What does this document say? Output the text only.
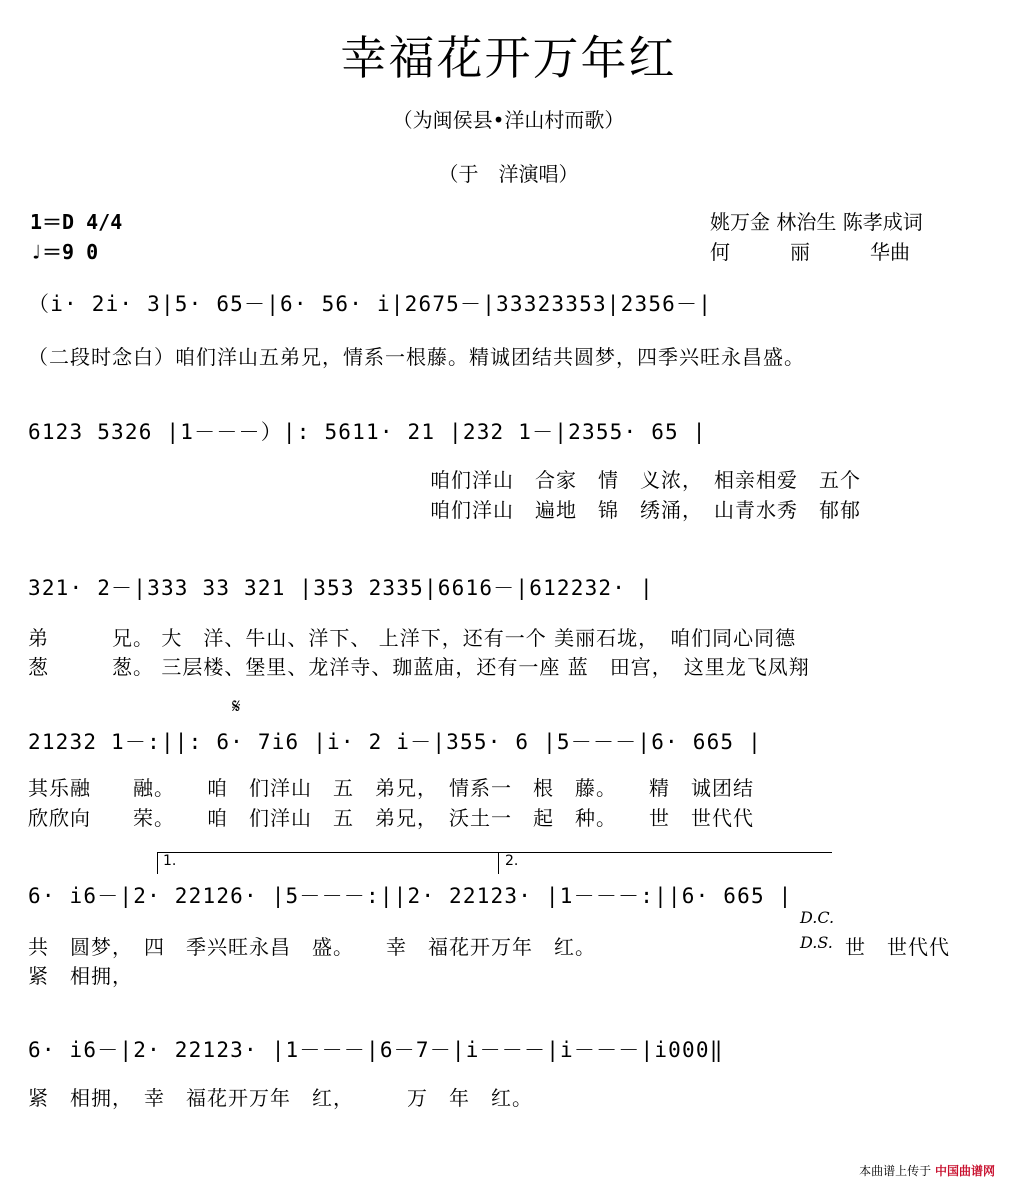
幸福花开万年红
（为闽侯县•洋山村而歌）
（于　洋演唱）
1＝D 4/4
♩＝9 0
姚万金 林治生 陈孝成词
何　　　丽　　　华曲
（i· 2i· 3|5· 65－|6· 56· i|2675－|33323353|2356－|
（二段时念白）咱们洋山五弟兄，情系一根藤。精诚团结共圆梦，四季兴旺永昌盛。
6123 5326 |1－－－）|: 5611· 21 |232 1－|2355· 65 |
咱们洋山　合家　情　义浓，　相亲相爱　五个
咱们洋山　遍地　锦　绣涌，　山青水秀　郁郁
321· 2－|333 33 321 |353 2335|6616－|612232· |
弟　　　兄。 大　洋、牛山、洋下、 上洋下，还有一个 美丽石垅，　咱们同心同德
葱　　　葱。 三层楼、堡里、龙洋寺、珈蓝庙，还有一座 蓝　田宫，　这里龙飞凤翔
𝄋
21232 1－:||: 6· 7i6 |i· 2 i－|355· 6 |5－－－|6· 665 |
其乐融　　融。　　咱　们洋山　五　弟兄，　情系一　根　藤。　　精　诚团结
欣欣向　　荣。　　咱　们洋山　五　弟兄，　沃土一　起　种。　　世　世代代
1.	2.
6· i6－|2· 22126· |5－－－:||2· 22123· |1－－－:||6· 665 |
D.C.
共　圆梦，　四　季兴旺永昌　盛。　　幸　福花开万年　红。	D.S. 世　世代代
紧　相拥，
6· i6－|2· 22123· |1－－－|6－7－|i－－－|i－－－|i000‖
紧　相拥，　幸　福花开万年　红，　　　万　年　红。
本曲谱上传于 中国曲谱网
